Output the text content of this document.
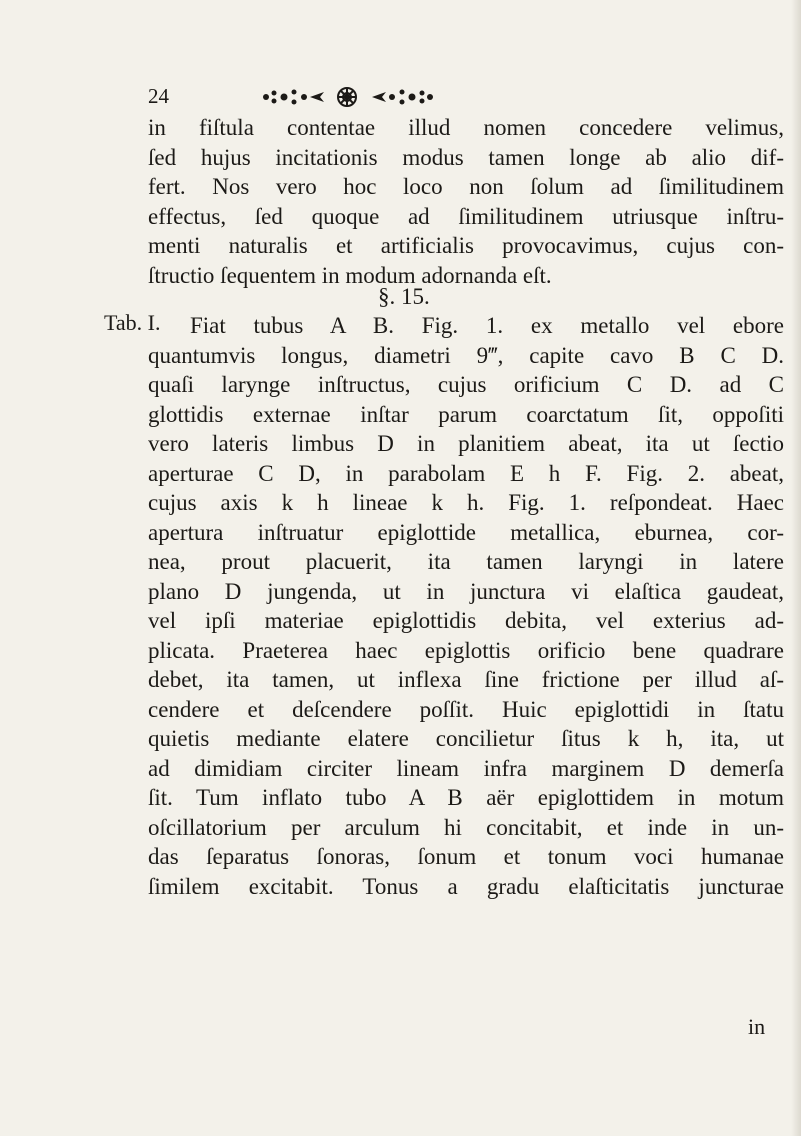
24
in fiſtula contentae illud nomen concedere velimus,
ſed hujus incitationis modus tamen longe ab alio dif-
fert. Nos vero hoc loco non ſolum ad ſimilitudinem
effectus, ſed quoque ad ſimilitudinem utriusque inſtru-
menti naturalis et artificialis provocavimus, cujus con-
ſtructio ſequentem in modum adornanda eſt.
§. 15.
Tab. I.	Fiat tubus A B. Fig. 1. ex metallo vel ebore
quantumvis longus, diametri 9‴, capite cavo B C D.
quaſi larynge inſtructus, cujus orificium C D. ad C
glottidis externae inſtar parum coarctatum ſit, oppoſiti
vero lateris limbus D in planitiem abeat, ita ut ſectio
aperturae C D, in parabolam E h F. Fig. 2. abeat,
cujus axis k h lineae k h. Fig. 1. reſpondeat. Haec
apertura inſtruatur epiglottide metallica, eburnea, cor-
nea, prout placuerit, ita tamen laryngi in latere
plano D jungenda, ut in junctura vi elaſtica gaudeat,
vel ipſi materiae epiglottidis debita, vel exterius ad-
plicata. Praeterea haec epiglottis orificio bene quadrare
debet, ita tamen, ut inflexa ſine frictione per illud aſ-
cendere et deſcendere poſſit. Huic epiglottidi in ſtatu
quietis mediante elatere concilietur ſitus k h, ita, ut
ad dimidiam circiter lineam infra marginem D demerſa
ſit. Tum inflato tubo A B aër epiglottidem in motum
oſcillatorium per arculum hi concitabit, et inde in un-
das ſeparatus ſonoras, ſonum et tonum voci humanae
ſimilem excitabit. Tonus a gradu elaſticitatis juncturae
in
